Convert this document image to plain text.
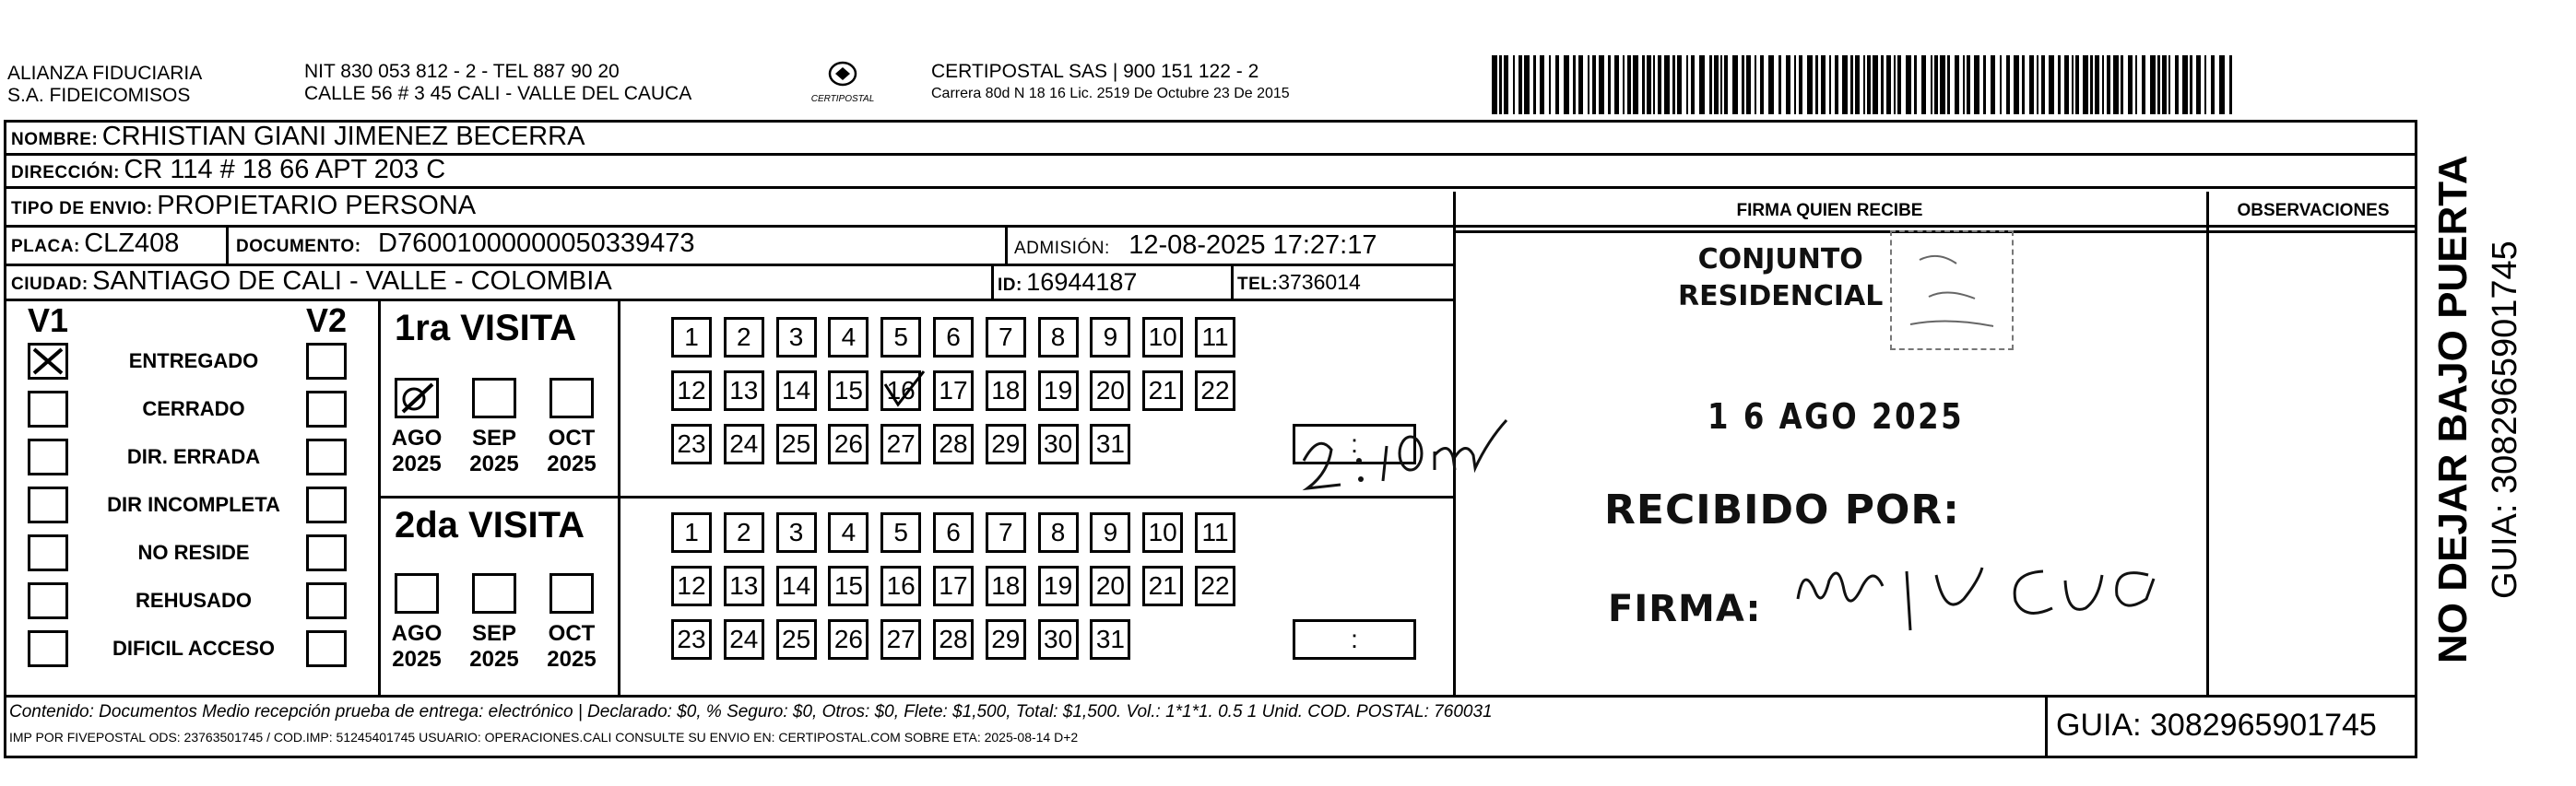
ALIANZA FIDUCIARIA
S.A. FIDEICOMISOS
NIT 830 053 812 - 2 - TEL 887 90 20
CALLE 56 # 3 45 CALI - VALLE DEL CAUCA	CERTIPOSTAL
CERTIPOSTAL SAS | 900 151 122 - 2
Carrera 80d N 18 16 Lic. 2519 De Octubre 23 De 2015
NOMBRE: CRHISTIAN GIANI JIMENEZ BECERRA
DIRECCIÓN: CR 114 # 18 66 APT 203 C
TIPO DE ENVIO: PROPIETARIO PERSONA
PLACA: CLZ408	DOCUMENTO: D76001000000050339473	ADMISIÓN: 12-08-2025 17:27:17
CIUDAD: SANTIAGO DE CALI - VALLE - COLOMBIA	ID: 16944187	TEL:3736014
V1	V2
ENTREGADO
CERRADO
DIR. ERRADA
DIR INCOMPLETA
NO RESIDE
REHUSADO
DIFICIL ACCESO
1ra VISITA
2da VISITA
AGO
2025
SEP
2025
OCT
2025
AGO
2025
SEP
2025
OCT
2025
1	2	3	4	5	6	7	8	9	10 11
12 13 14 15 16 17 18 19 20 21 22
23 24 25 26 27 28 29 30 31	:
1	2	3	4	5	6	7	8	9	10 11
12 13 14 15 16 17 18 19 20 21 22
23 24 25 26 27 28 29 30 31	:
FIRMA QUIEN RECIBE	OBSERVACIONES
CONJUNTO
RESIDENCIAL
1 6 AGO 2025
RECIBIDO POR:
FIRMA:
Contenido: Documentos Medio recepción prueba de entrega: electrónico | Declarado: $0, % Seguro: $0, Otros: $0, Flete: $1,500, Total: $1,500. Vol.: 1*1*1. 0.5 1 Unid. COD. POSTAL: 760031
IMP POR FIVEPOSTAL ODS: 23763501745 / COD.IMP: 51245401745 USUARIO: OPERACIONES.CALI CONSULTE SU ENVIO EN: CERTIPOSTAL.COM SOBRE ETA: 2025-08-14 D+2	GUIA: 3082965901745
NO DEJAR BAJO PUERTA GUIA: 3082965901745
